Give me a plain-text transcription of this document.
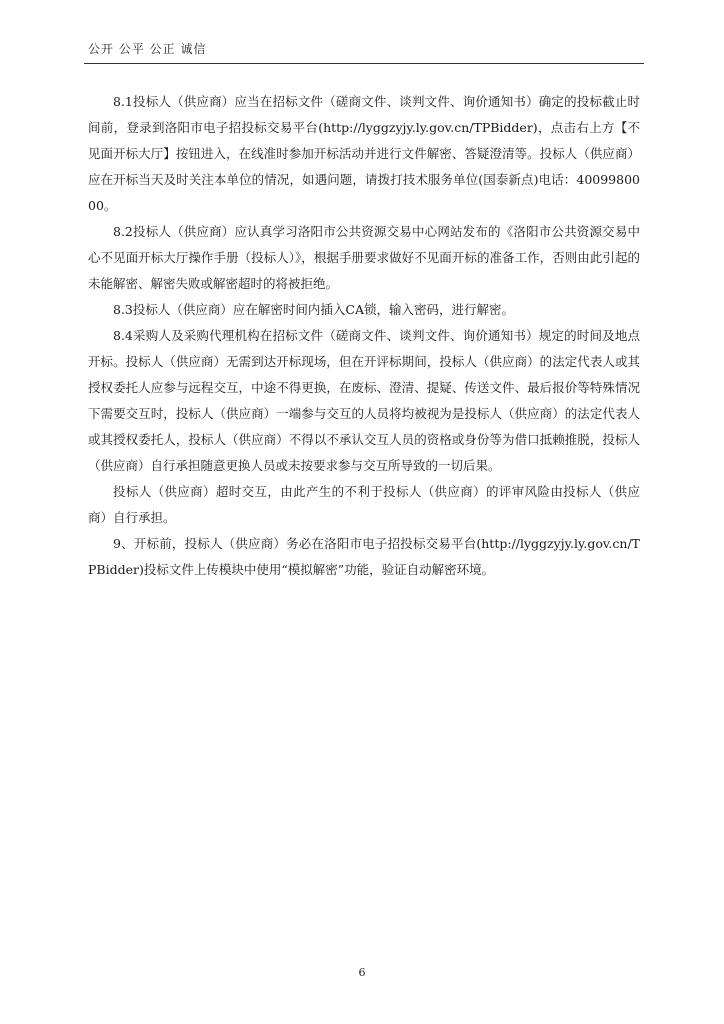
公开 公平 公正 诚信

8.1投标人（供应商）应当在招标文件（磋商文件、谈判文件、询价通知书）确定的投标截止时间前，登录到洛阳市电子招投标交易平台(http://lyggzyjy.ly.gov.cn/TPBidder)，点击右上方【不见面开标大厅】按钮进入，在线准时参加开标活动并进行文件解密、答疑澄清等。投标人（供应商）应在开标当天及时关注本单位的情况，如遇问题，请拨打技术服务单位(国泰新点)电话：4009980000。

8.2投标人（供应商）应认真学习洛阳市公共资源交易中心网站发布的《洛阳市公共资源交易中心不见面开标大厅操作手册（投标人）》，根据手册要求做好不见面开标的准备工作，否则由此引起的未能解密、解密失败或解密超时的将被拒绝。

8.3投标人（供应商）应在解密时间内插入CA锁，输入密码，进行解密。

8.4采购人及采购代理机构在招标文件（磋商文件、谈判文件、询价通知书）规定的时间及地点开标。投标人（供应商）无需到达开标现场，但在开评标期间，投标人（供应商）的法定代表人或其授权委托人应参与远程交互，中途不得更换，在废标、澄清、提疑、传送文件、最后报价等特殊情况下需要交互时，投标人（供应商）一端参与交互的人员将均被视为是投标人（供应商）的法定代表人或其授权委托人，投标人（供应商）不得以不承认交互人员的资格或身份等为借口抵赖推脱，投标人（供应商）自行承担随意更换人员或未按要求参与交互所导致的一切后果。

投标人（供应商）超时交互，由此产生的不利于投标人（供应商）的评审风险由投标人（供应商）自行承担。

9、开标前，投标人（供应商）务必在洛阳市电子招投标交易平台(http://lyggzyjy.ly.gov.cn/TPBidder)投标文件上传模块中使用“模拟解密”功能，验证自动解密环境。

6
